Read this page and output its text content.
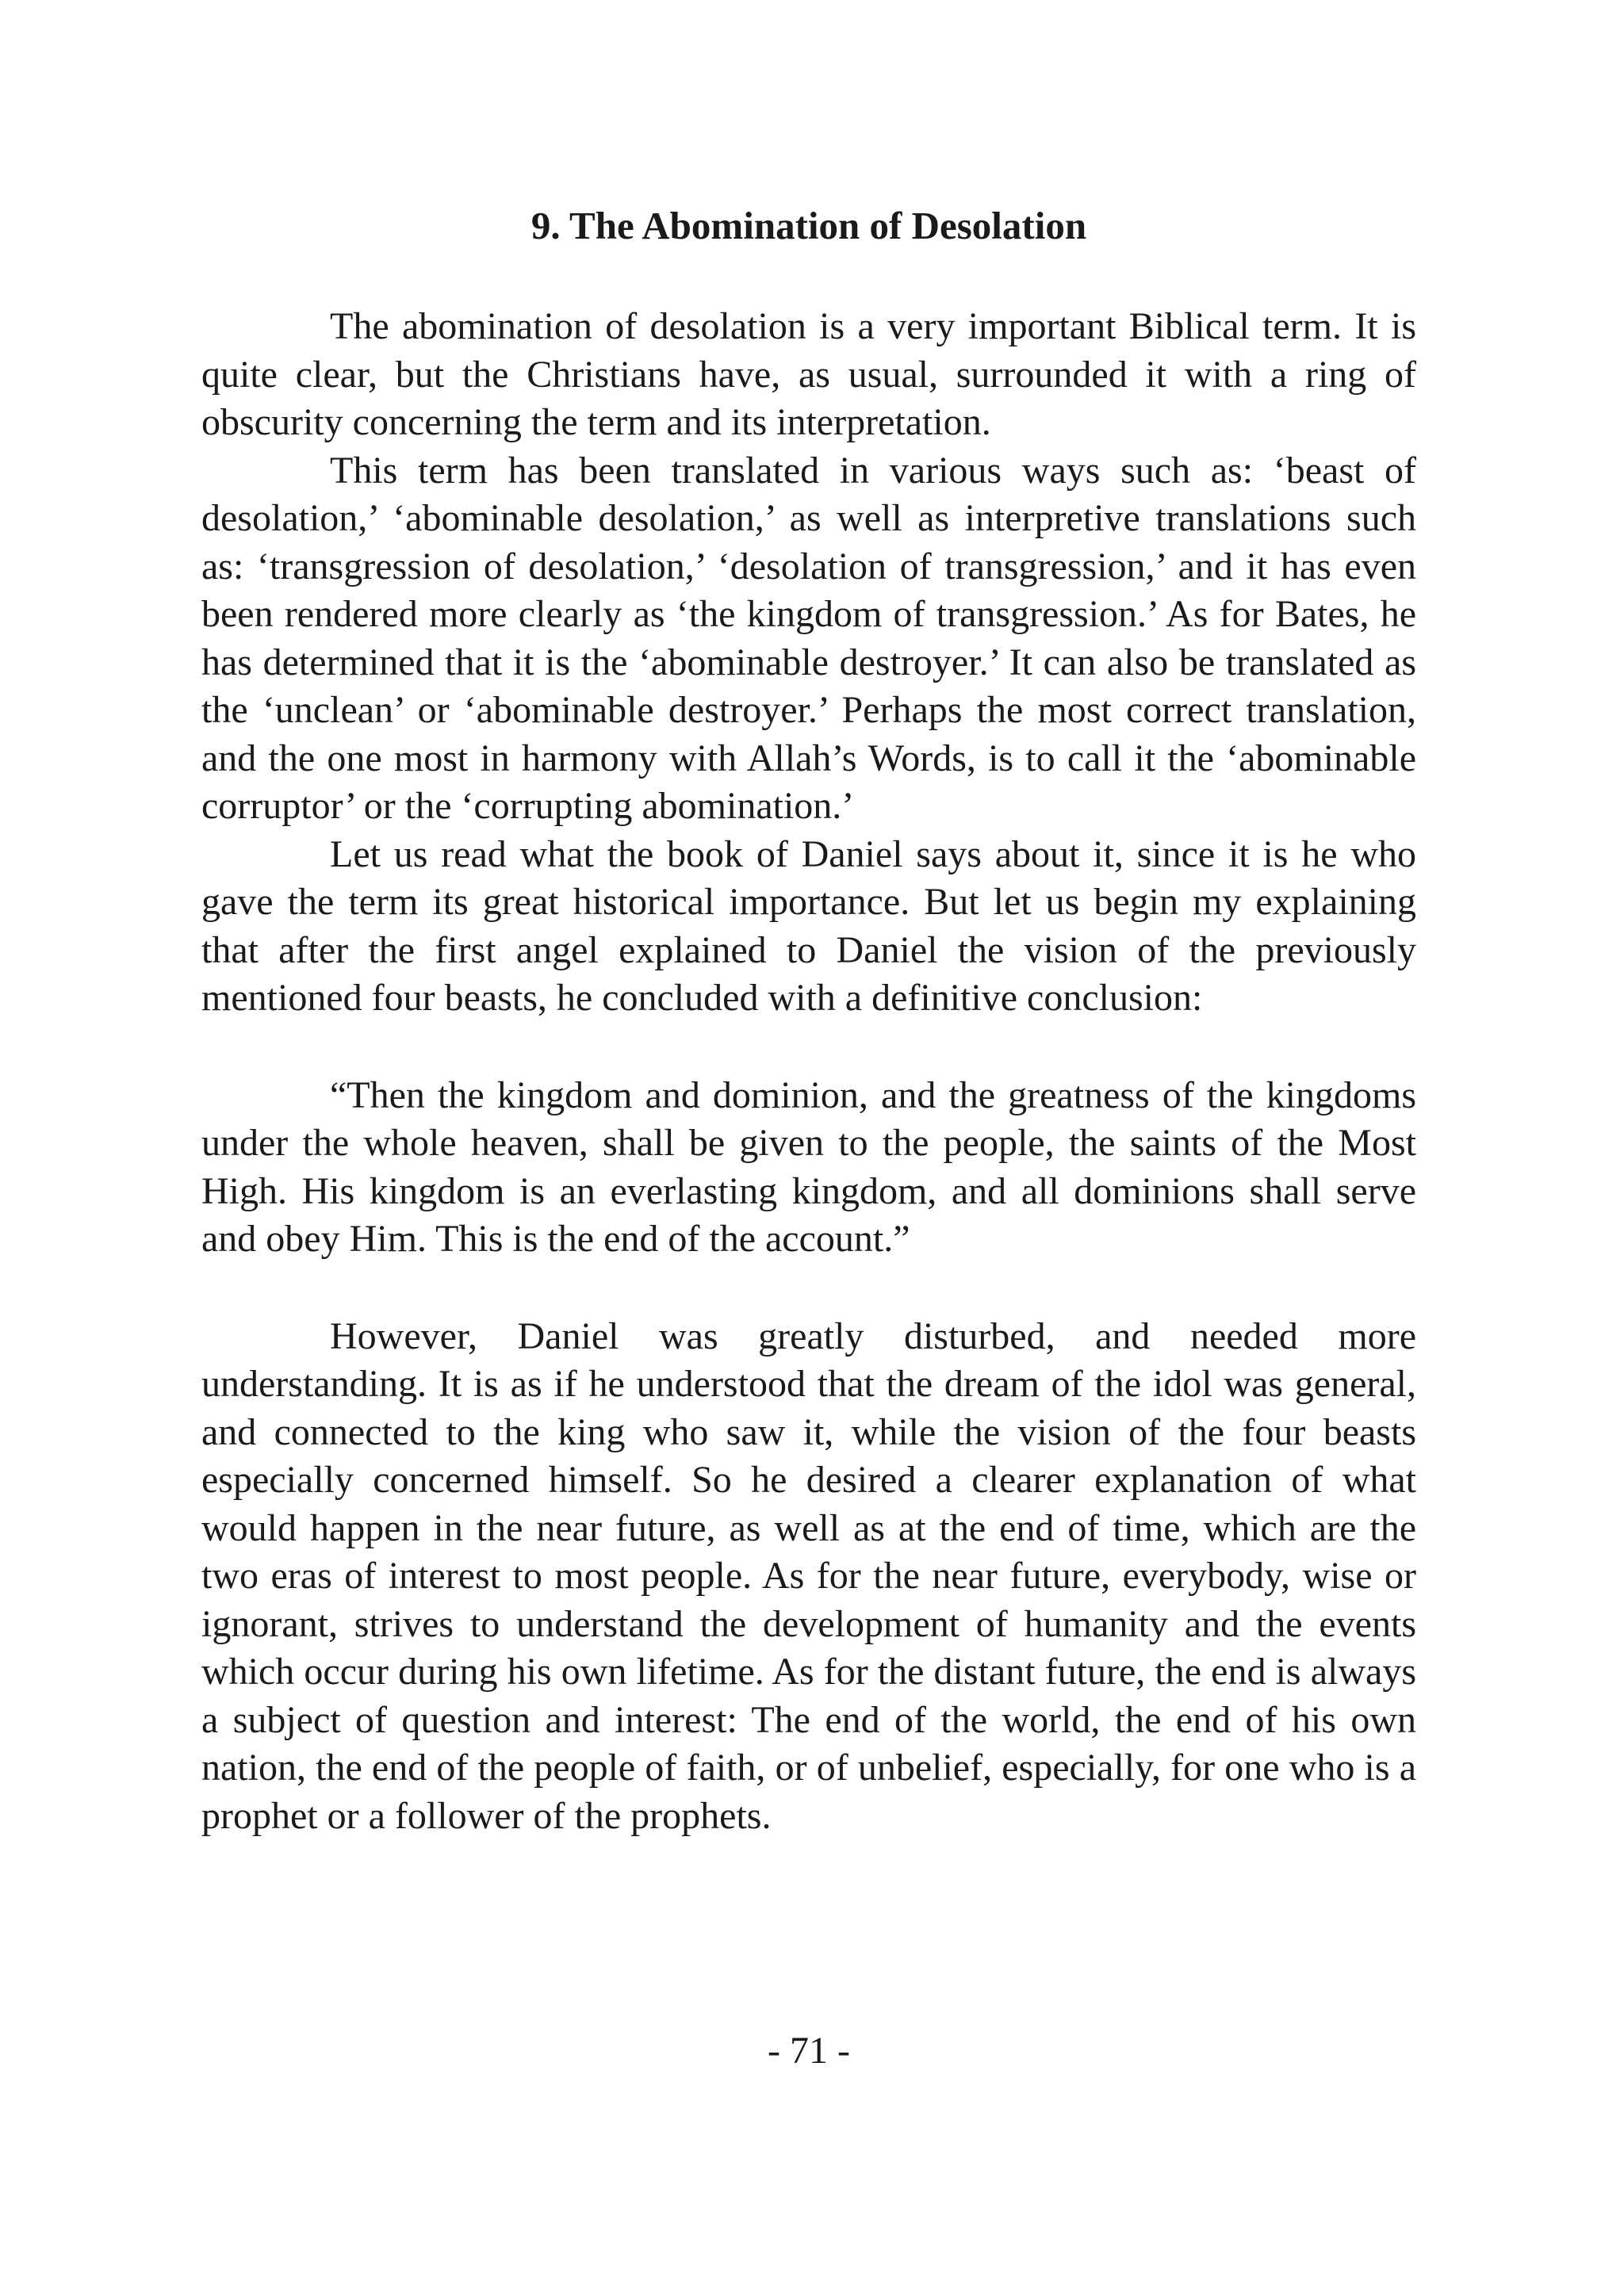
9. The Abomination of Desolation

The abomination of desolation is a very important Biblical term. It is quite clear, but the Christians have, as usual, surrounded it with a ring of obscurity concerning the term and its interpretation.

This term has been translated in various ways such as: ‘beast of desolation,’ ‘abominable desolation,’ as well as interpretive translations such as: ‘transgression of desolation,’ ‘desolation of transgression,’ and it has even been rendered more clearly as ‘the kingdom of transgression.’ As for Bates, he has determined that it is the ‘abominable destroyer.’ It can also be translated as the ‘unclean’ or ‘abominable destroyer.’ Perhaps the most correct translation, and the one most in harmony with Allah’s Words, is to call it the ‘abominable corruptor’ or the ‘corrupting abomination.’

Let us read what the book of Daniel says about it, since it is he who gave the term its great historical importance. But let us begin my explaining that after the first angel explained to Daniel the vision of the previously mentioned four beasts, he concluded with a definitive conclusion:

“Then the kingdom and dominion, and the greatness of the kingdoms under the whole heaven, shall be given to the people, the saints of the Most High. His kingdom is an everlasting kingdom, and all dominions shall serve and obey Him. This is the end of the account.”

However, Daniel was greatly disturbed, and needed more understanding. It is as if he understood that the dream of the idol was general, and connected to the king who saw it, while the vision of the four beasts especially concerned himself. So he desired a clearer explanation of what would happen in the near future, as well as at the end of time, which are the two eras of interest to most people. As for the near future, everybody, wise or ignorant, strives to understand the development of humanity and the events which occur during his own lifetime. As for the distant future, the end is always a subject of question and interest: The end of the world, the end of his own nation, the end of the people of faith, or of unbelief, especially, for one who is a prophet or a follower of the prophets.

- 71 -
